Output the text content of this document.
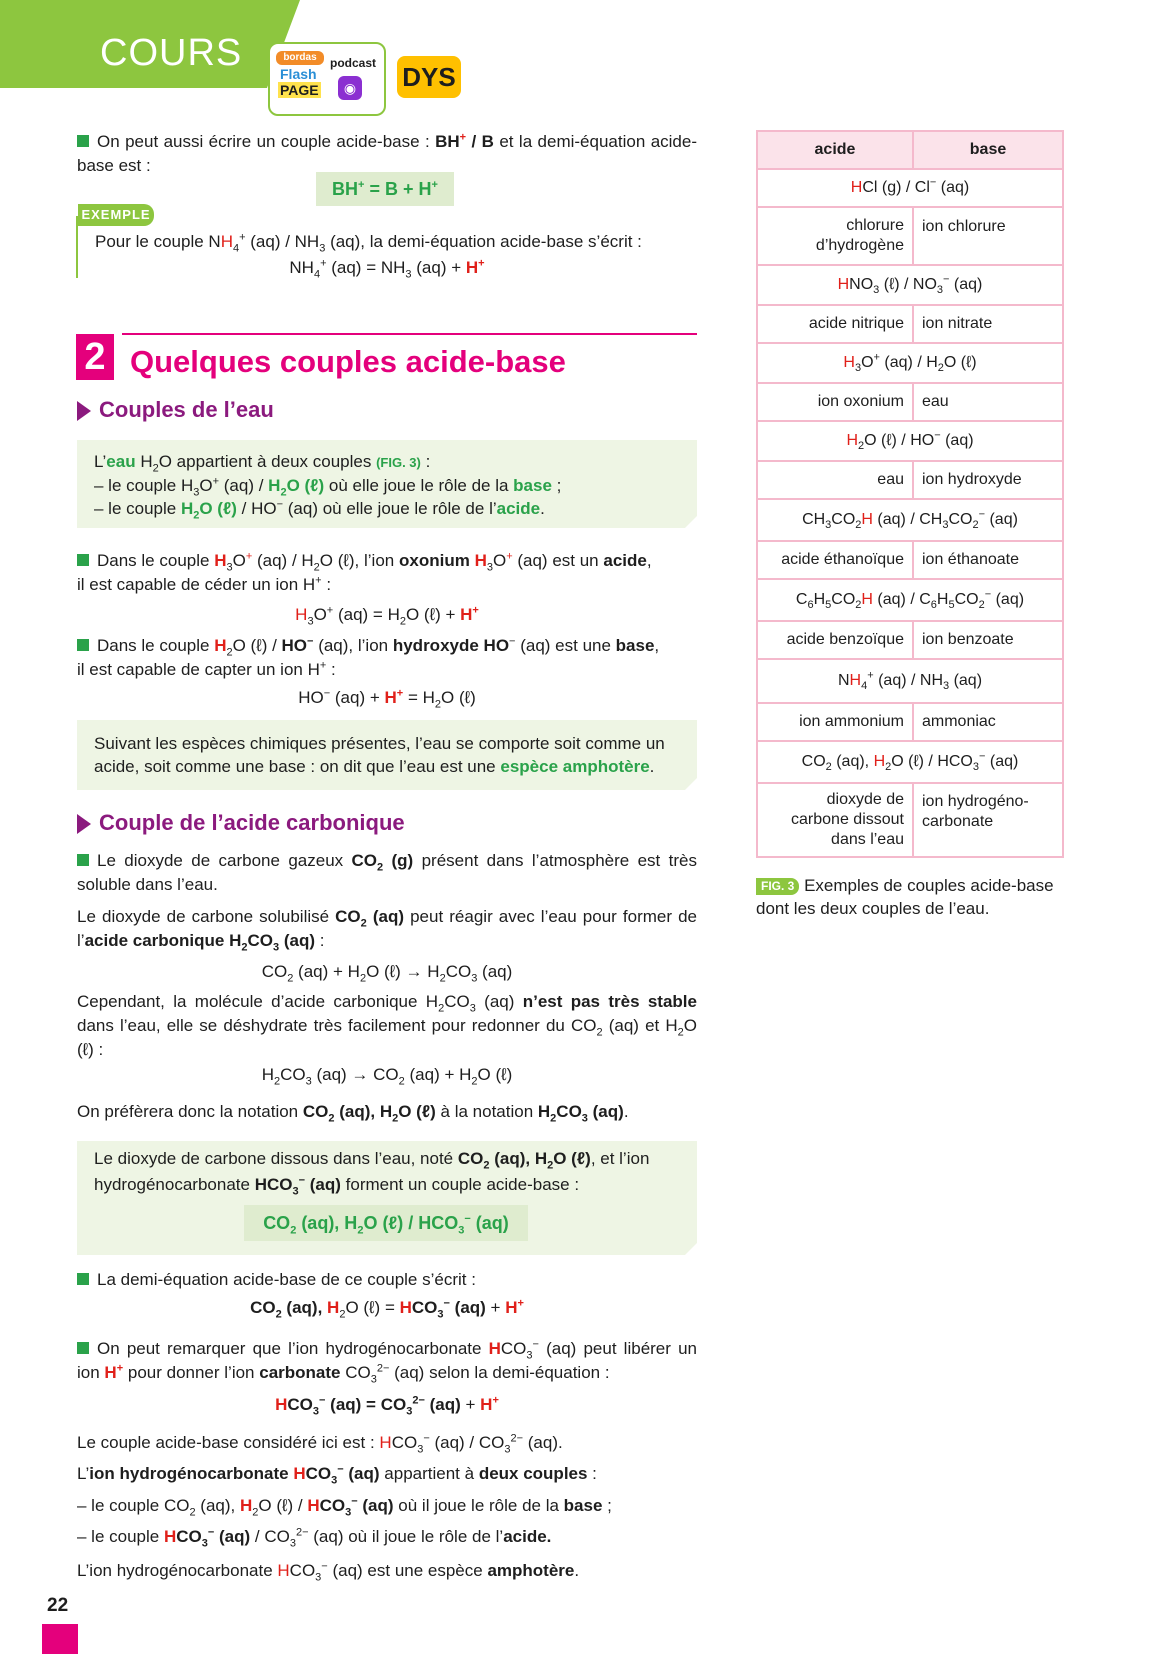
COURS	bordas
Flash
PAGE
podcast
◉ DYS
On peut aussi écrire un couple acide-base : BH+ / B et la demi-équation acide-base est :
BH+ = B + H+
EXEMPLE
Pour le couple $NH_4^+$ $(aq) / NH_3$ (aq), la demi-équation acide-base s’écrit :
$NH_4^+$ $(aq) = NH_3$ (aq) + H+
2 Quelques couples acide-base
Couples de l’eau
L’eau $H_2O$ appartient à deux couples (FIG. 3) :
– le couple $H_3O^+$ $(aq) / H_2O$ (ℓ) où elle joue le rôle de la base ;
– le couple $H_2O$ (ℓ) / HO− (aq) où elle joue le rôle de l’acide.
Dans le couple $H_3O^+$ $(aq) / H_2O$ (ℓ), l’ion oxonium $H_3O^+$ (aq) est un acide,
il est capable de céder un ion H+ :
$H_3O^+$ $(aq) = H_2O$ (ℓ) + H+
Dans le couple $H_2O$ (ℓ) / HO− (aq), l’ion hydroxyde HO− (aq) est une base,
il est capable de capter un ion H+ :
HO− $(aq) + H^+ = H_2O$ (ℓ)
Suivant les espèces chimiques présentes, l’eau se comporte soit comme un acide, soit comme une base : on dit que l’eau est une espèce amphotère.
Couple de l’acide carbonique
Le dioxyde de carbone gazeux $CO_2$ (g) présent dans l’atmosphère est très soluble dans l’eau.
Le dioxyde de carbone solubilisé $CO_2$ (aq) peut réagir avec l’eau pour former de l’acide carbonique $H_2CO_3$ (aq) :
$CO_2$ $(aq) + H_2O$ (ℓ) → $H_2CO_3$ (aq)
Cependant, la molécule d’acide carbonique $H_2CO_3$ (aq) n’est pas très stable dans l’eau, elle se déshydrate très facilement pour redonner du $CO_2$ (aq) et $H_2O$ (ℓ) :
$H_2CO_3$ $(aq) \to CO_2$ $(aq) + H_2O$ (ℓ)
On préfèrera donc la notation $CO_2$ (aq), $H_2O$ (ℓ) à la notation $H_2CO_3$ (aq).
Le dioxyde de carbone dissous dans l’eau, noté $CO_2$ (aq), $H_2O$ (ℓ), et l’ion hydrogénocarbonate $HCO_3^-$ (aq) forment un couple acide-base :
$CO_2$ (aq), $H_2O$ (ℓ) / $HCO_3^-$ (aq)
La demi-équation acide-base de ce couple s’écrit :
$CO_2$ (aq), $H_2O$ (ℓ) = $HCO_3^-$ (aq) + H+
On peut remarquer que l’ion hydrogénocarbonate $HCO_3^-$ (aq) peut libérer un ion H+ pour donner l’ion carbonate $CO_3^{2-}$ (aq) selon la demi-équation :
$HCO_3^-$ $(aq) = CO_3^{2-}$ (aq) + H+
Le couple acide-base considéré ici est : $HCO_3^-$ $(aq) / CO_3^{2-}$ (aq).
L’ion hydrogénocarbonate $HCO_3^-$ (aq) appartient à deux couples :
– le couple $CO_2$ (aq), $H_2O$ (ℓ) / $HCO_3^-$ (aq) où il joue le rôle de la base ;
– le couple $HCO_3^-$ $(aq) / CO_3^{2-}$ (aq) où il joue le rôle de l’acide.
L’ion hydrogénocarbonate $HCO_3^-$ (aq) est une espèce amphotère.
acide	base
HCl (g) / Cl− (aq)	
chlorure d’hydrogène	ion chlorure
$HNO_3$ (ℓ) / $NO_3^-$ (aq)	
acide nitrique	ion nitrate
$H_3O^+$ $(aq) / H_2O$ (ℓ)	
ion oxonium	eau
$H_2O$ (ℓ) / HO− (aq)	
eau	ion hydroxyde
$CH_3CO_2H$ $(aq) / CH_3CO_2^-$ (aq)	
acide éthanoïque	ion éthanoate
$C_6H_5CO_2H$ $(aq) / C_6H_5CO_2^-$ (aq)	
acide benzoïque	ion benzoate
$NH_4^+$ $(aq) / NH_3$ (aq)	
ion ammonium	ammoniac
$CO_2$ (aq), $H_2O$ (ℓ) / $HCO_3^-$ (aq)	
dioxyde de carbone dissout dans l’eau	ion hydrogéno-carbonate
FIG. 3 Exemples de couples acide-base dont les deux couples de l’eau.
22
